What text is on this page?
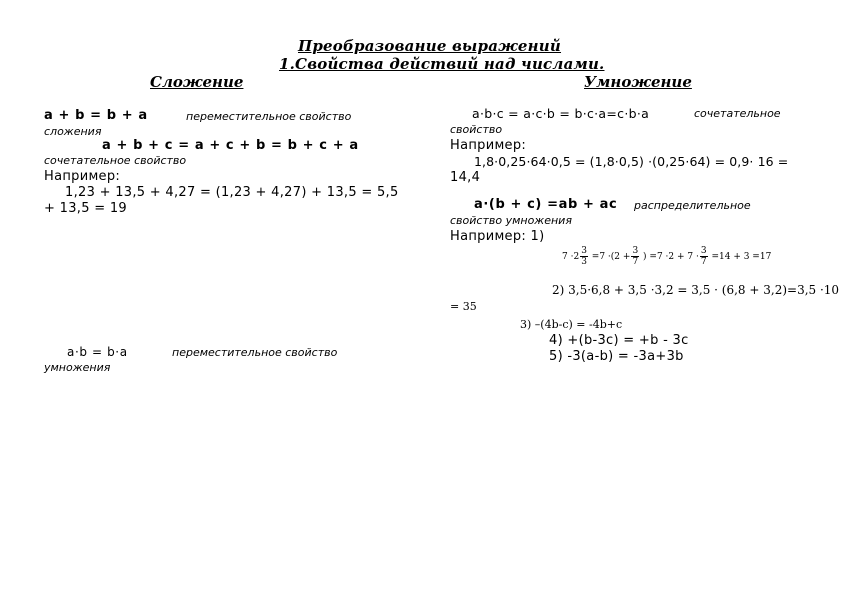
Преобразование выражений
1.Свойства действий над числами.
Сложение
a + b = b + a	переместительное свойство
сложения
a + b + c = a + c + b = b + c + a
сочетательное свойство
Например:
1,23 + 13,5 + 4,27 = (1,23 + 4,27) + 13,5 = 5,5
+ 13,5 = 19
a·b = b·a	переместительное свойство
умножения
Умножение
a·b·c = a·c·b = b·c·a=c·b·a	сочетательное
свойство
Например:
1,8·0,25·64·0,5 = (1,8·0,5) ·(0,25·64) = 0,9· 16 =
14,4
a·(b + c) =ab + ac распределительное
свойство умножения
Например: 1)
$7 \cdot 2 \frac{3}{3} =7 \cdot(2 + \frac{3}{7}$ ) $=7 \cdot 2 + 7 \cdot \frac{3}{7} =14 + 3 =17$
2) 3,5·6,8 + 3,5 ·3,2 = 3,5 · (6,8 + 3,2)=3,5 ·10
= 35
3) –(4b-c) = -4b+c
4) +(b-3c) = +b - 3c
5) -3(a-b) = -3a+3b
